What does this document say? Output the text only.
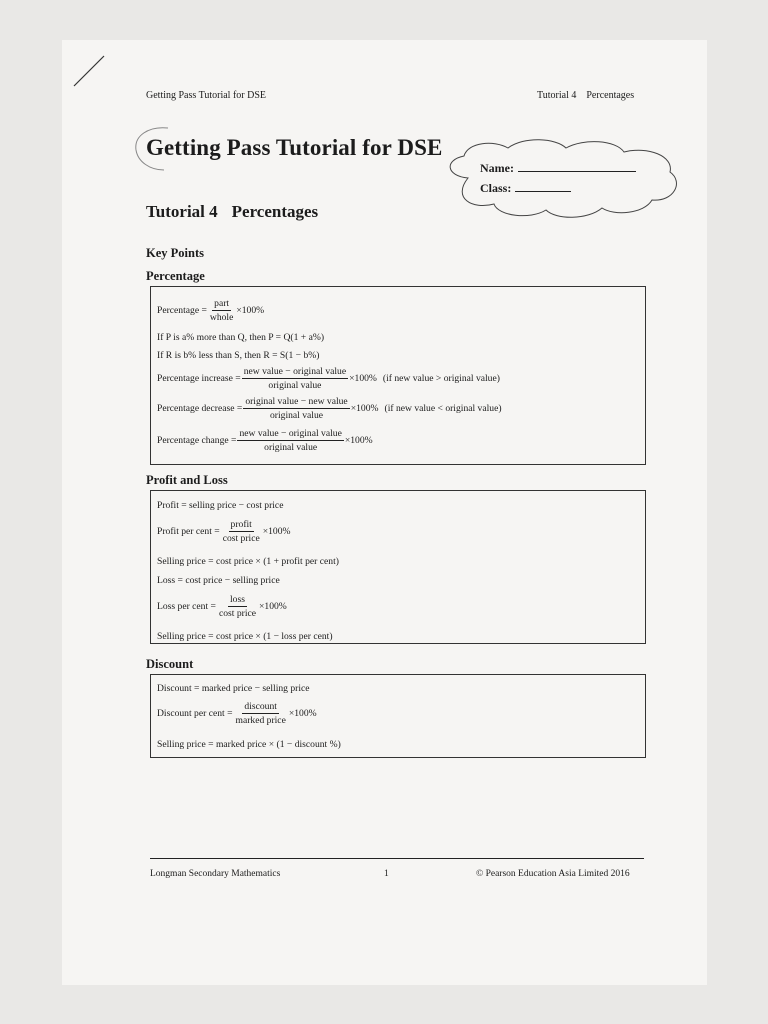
Getting Pass Tutorial for DSE	Tutorial 4 Percentages
Getting Pass Tutorial for DSE
Name:
Class:
Tutorial 4 Percentages
Key Points
Percentage
Percentage = $\frac{\text{part}}{\text{whole}} \times 100\%$
If P is a% more than Q, then P = Q(1 + a%)
If R is b% less than S, then R = S(1 − b%)
Percentage increase = $\frac{\text{new value − original value}}{\text{original value}} \times 100\%$ (if new value > original value)
Percentage decrease = $\frac{\text{original value − new value}}{\text{original value}} \times 100\%$ (if new value < original value)
Percentage change = $\frac{\text{new value − original value}}{\text{original value}} \times 100\%$
Profit and Loss
Profit = selling price − cost price
Profit per cent = $\frac{\text{profit}}{\text{cost price}} \times 100\%$
Selling price = cost price × (1 + profit per cent)
Loss = cost price − selling price
Loss per cent = $\frac{\text{loss}}{\text{cost price}} \times 100\%$
Selling price = cost price × (1 − loss per cent)
Discount
Discount = marked price − selling price
Discount per cent = $\frac{\text{discount}}{\text{marked price}} \times 100\%$
Selling price = marked price × (1 − discount %)
Longman Secondary Mathematics	1	© Pearson Education Asia Limited 2016
